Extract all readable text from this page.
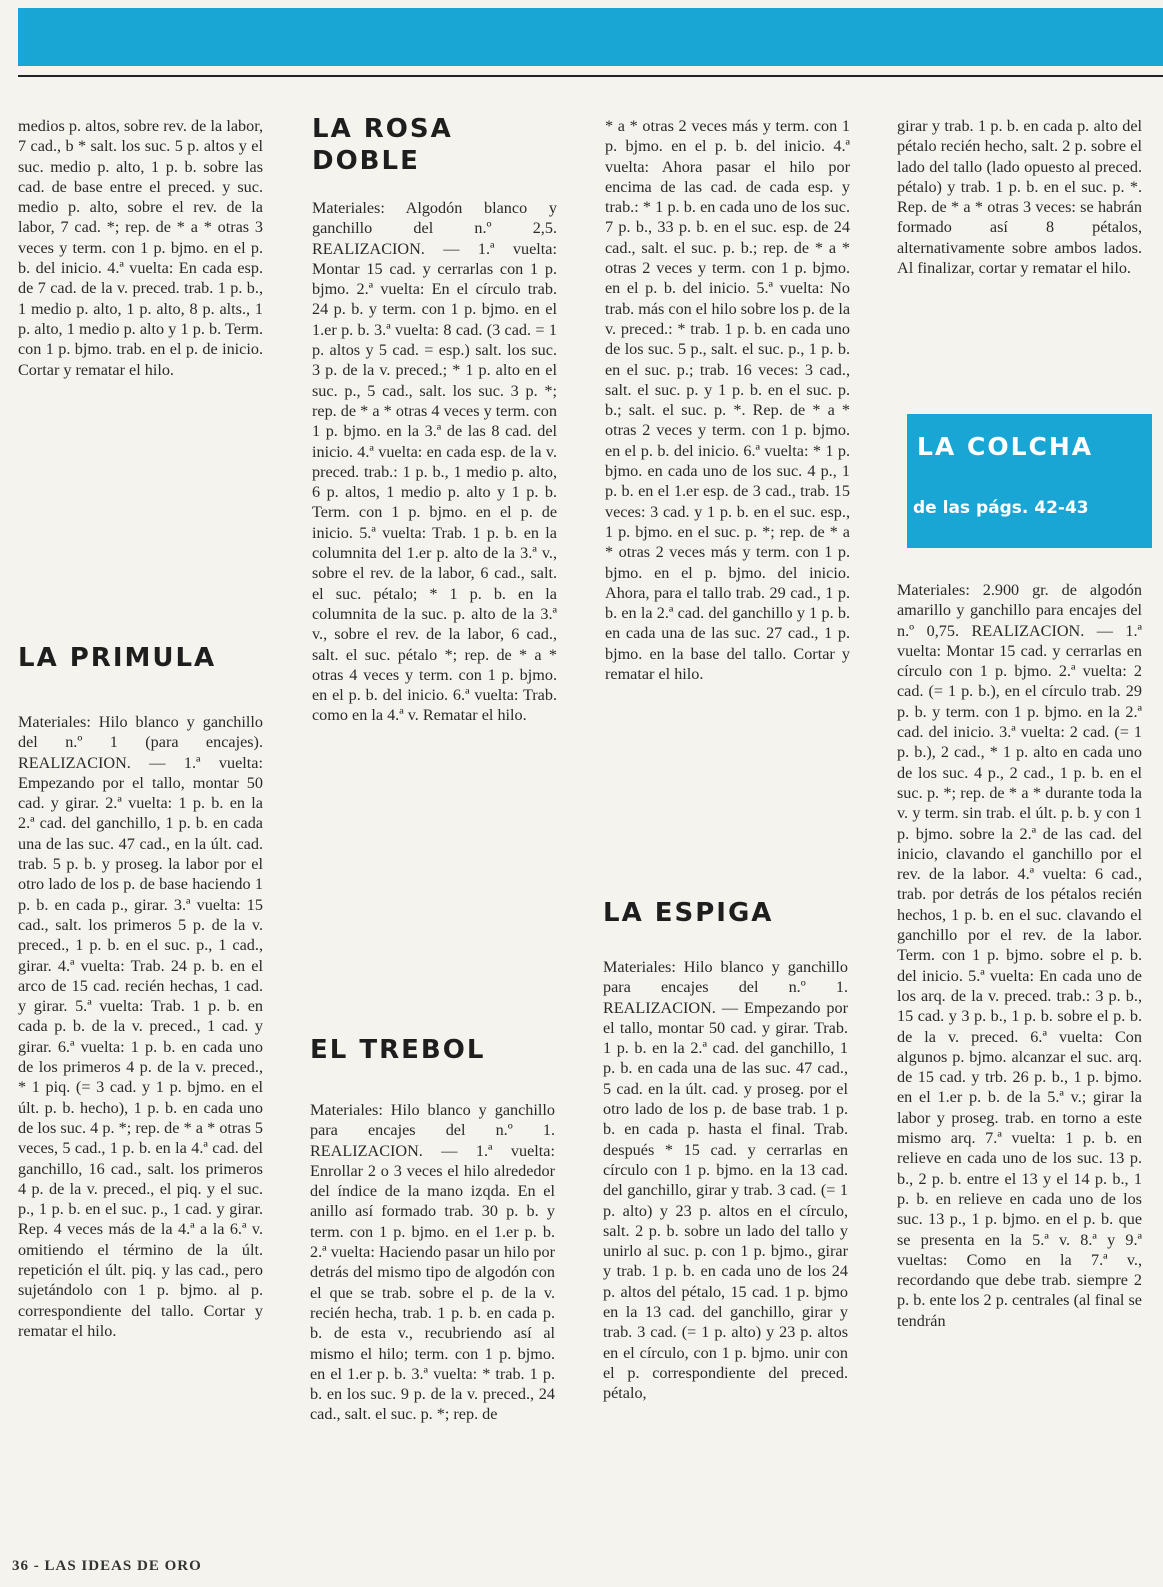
medios p. altos, sobre rev. de la labor, 7 cad., b * salt. los suc. 5 p. altos y el suc. medio p. alto, 1 p. b. sobre las cad. de base entre el preced. y suc. medio p. alto, sobre el rev. de la labor, 7 cad. *; rep. de * a * otras 3 veces y term. con 1 p. bjmo. en el p. b. del inicio. 4.ª vuelta: En cada esp. de 7 cad. de la v. preced. trab. 1 p. b., 1 medio p. alto, 1 p. alto, 8 p. alts., 1 p. alto, 1 medio p. alto y 1 p. b. Term. con 1 p. bjmo. trab. en el p. de inicio. Cortar y rematar el hilo.

LA PRIMULA

Materiales: Hilo blanco y ganchillo del n.º 1 (para encajes). REALIZACION. — 1.ª vuelta: Empezando por el tallo, montar 50 cad. y girar. 2.ª vuelta: 1 p. b. en la 2.ª cad. del ganchillo, 1 p. b. en cada una de las suc. 47 cad., en la últ. cad. trab. 5 p. b. y proseg. la labor por el otro lado de los p. de base haciendo 1 p. b. en cada p., girar. 3.ª vuelta: 15 cad., salt. los primeros 5 p. de la v. preced., 1 p. b. en el suc. p., 1 cad., girar. 4.ª vuelta: Trab. 24 p. b. en el arco de 15 cad. recién hechas, 1 cad. y girar. 5.ª vuelta: Trab. 1 p. b. en cada p. b. de la v. preced., 1 cad. y girar. 6.ª vuelta: 1 p. b. en cada uno de los primeros 4 p. de la v. preced., * 1 piq. (= 3 cad. y 1 p. bjmo. en el últ. p. b. hecho), 1 p. b. en cada uno de los suc. 4 p. *; rep. de * a * otras 5 veces, 5 cad., 1 p. b. en la 4.ª cad. del ganchillo, 16 cad., salt. los primeros 4 p. de la v. preced., el piq. y el suc. p., 1 p. b. en el suc. p., 1 cad. y girar. Rep. 4 veces más de la 4.ª a la 6.ª v. omitiendo el término de la últ. repetición el últ. piq. y las cad., pero sujetándolo con 1 p. bjmo. al p. correspondiente del tallo. Cortar y rematar el hilo.

LA ROSA
DOBLE

Materiales: Algodón blanco y ganchillo del n.º 2,5. REALIZACION. — 1.ª vuelta: Montar 15 cad. y cerrarlas con 1 p. bjmo. 2.ª vuelta: En el círculo trab. 24 p. b. y term. con 1 p. bjmo. en el 1.er p. b. 3.ª vuelta: 8 cad. (3 cad. = 1 p. altos y 5 cad. = esp.) salt. los suc. 3 p. de la v. preced.; * 1 p. alto en el suc. p., 5 cad., salt. los suc. 3 p. *; rep. de * a * otras 4 veces y term. con 1 p. bjmo. en la 3.ª de las 8 cad. del inicio. 4.ª vuelta: en cada esp. de la v. preced. trab.: 1 p. b., 1 medio p. alto, 6 p. altos, 1 medio p. alto y 1 p. b. Term. con 1 p. bjmo. en el p. de inicio. 5.ª vuelta: Trab. 1 p. b. en la columnita del 1.er p. alto de la 3.ª v., sobre el rev. de la labor, 6 cad., salt. el suc. pétalo; * 1 p. b. en la columnita de la suc. p. alto de la 3.ª v., sobre el rev. de la labor, 6 cad., salt. el suc. pétalo *; rep. de * a * otras 4 veces y term. con 1 p. bjmo. en el p. b. del inicio. 6.ª vuelta: Trab. como en la 4.ª v. Rematar el hilo.

EL TREBOL

Materiales: Hilo blanco y ganchillo para encajes del n.º 1. REALIZACION. — 1.ª vuelta: Enrollar 2 o 3 veces el hilo alrededor del índice de la mano izqda. En el anillo así formado trab. 30 p. b. y term. con 1 p. bjmo. en el 1.er p. b. 2.ª vuelta: Haciendo pasar un hilo por detrás del mismo tipo de algodón con el que se trab. sobre el p. de la v. recién hecha, trab. 1 p. b. en cada p. b. de esta v., recubriendo así al mismo el hilo; term. con 1 p. bjmo. en el 1.er p. b. 3.ª vuelta: * trab. 1 p. b. en los suc. 9 p. de la v. preced., 24 cad., salt. el suc. p. *; rep. de

* a * otras 2 veces más y term. con 1 p. bjmo. en el p. b. del inicio. 4.ª vuelta: Ahora pasar el hilo por encima de las cad. de cada esp. y trab.: * 1 p. b. en cada uno de los suc. 7 p. b., 33 p. b. en el suc. esp. de 24 cad., salt. el suc. p. b.; rep. de * a * otras 2 veces y term. con 1 p. bjmo. en el p. b. del inicio. 5.ª vuelta: No trab. más con el hilo sobre los p. de la v. preced.: * trab. 1 p. b. en cada uno de los suc. 5 p., salt. el suc. p., 1 p. b. en el suc. p.; trab. 16 veces: 3 cad., salt. el suc. p. y 1 p. b. en el suc. p. b.; salt. el suc. p. *. Rep. de * a * otras 2 veces y term. con 1 p. bjmo. en el p. b. del inicio. 6.ª vuelta: * 1 p. bjmo. en cada uno de los suc. 4 p., 1 p. b. en el 1.er esp. de 3 cad., trab. 15 veces: 3 cad. y 1 p. b. en el suc. esp., 1 p. bjmo. en el suc. p. *; rep. de * a * otras 2 veces más y term. con 1 p. bjmo. en el p. bjmo. del inicio. Ahora, para el tallo trab. 29 cad., 1 p. b. en la 2.ª cad. del ganchillo y 1 p. b. en cada una de las suc. 27 cad., 1 p. bjmo. en la base del tallo. Cortar y rematar el hilo.

LA ESPIGA

Materiales: Hilo blanco y ganchillo para encajes del n.º 1. REALIZACION. — Empezando por el tallo, montar 50 cad. y girar. Trab. 1 p. b. en la 2.ª cad. del ganchillo, 1 p. b. en cada una de las suc. 47 cad., 5 cad. en la últ. cad. y proseg. por el otro lado de los p. de base trab. 1 p. b. en cada p. hasta el final. Trab. después * 15 cad. y cerrarlas en círculo con 1 p. bjmo. en la 13 cad. del ganchillo, girar y trab. 3 cad. (= 1 p. alto) y 23 p. altos en el círculo, salt. 2 p. b. sobre un lado del tallo y unirlo al suc. p. con 1 p. bjmo., girar y trab. 1 p. b. en cada uno de los 24 p. altos del pétalo, 15 cad. 1 p. bjmo en la 13 cad. del ganchillo, girar y trab. 3 cad. (= 1 p. alto) y 23 p. altos en el círculo, con 1 p. bjmo. unir con el p. correspondiente del preced. pétalo,

girar y trab. 1 p. b. en cada p. alto del pétalo recién hecho, salt. 2 p. sobre el lado del tallo (lado opuesto al preced. pétalo) y trab. 1 p. b. en el suc. p. *. Rep. de * a * otras 3 veces: se habrán formado así 8 pétalos, alternativamente sobre ambos lados. Al finalizar, cortar y rematar el hilo.

LA COLCHA
de las págs. 42-43

Materiales: 2.900 gr. de algodón amarillo y ganchillo para encajes del n.º 0,75. REALIZACION. — 1.ª vuelta: Montar 15 cad. y cerrarlas en círculo con 1 p. bjmo. 2.ª vuelta: 2 cad. (= 1 p. b.), en el círculo trab. 29 p. b. y term. con 1 p. bjmo. en la 2.ª cad. del inicio. 3.ª vuelta: 2 cad. (= 1 p. b.), 2 cad., * 1 p. alto en cada uno de los suc. 4 p., 2 cad., 1 p. b. en el suc. p. *; rep. de * a * durante toda la v. y term. sin trab. el últ. p. b. y con 1 p. bjmo. sobre la 2.ª de las cad. del inicio, clavando el ganchillo por el rev. de la labor. 4.ª vuelta: 6 cad., trab. por detrás de los pétalos recién hechos, 1 p. b. en el suc. clavando el ganchillo por el rev. de la labor. Term. con 1 p. bjmo. sobre el p. b. del inicio. 5.ª vuelta: En cada uno de los arq. de la v. preced. trab.: 3 p. b., 15 cad. y 3 p. b., 1 p. b. sobre el p. b. de la v. preced. 6.ª vuelta: Con algunos p. bjmo. alcanzar el suc. arq. de 15 cad. y trb. 26 p. b., 1 p. bjmo. en el 1.er p. b. de la 5.ª v.; girar la labor y proseg. trab. en torno a este mismo arq. 7.ª vuelta: 1 p. b. en relieve en cada uno de los suc. 13 p. b., 2 p. b. entre el 13 y el 14 p. b., 1 p. b. en relieve en cada uno de los suc. 13 p., 1 p. bjmo. en el p. b. que se presenta en la 5.ª v. 8.ª y 9.ª vueltas: Como en la 7.ª v., recordando que debe trab. siempre 2 p. b. ente los 2 p. centrales (al final se tendrán

36 - LAS IDEAS DE ORO
